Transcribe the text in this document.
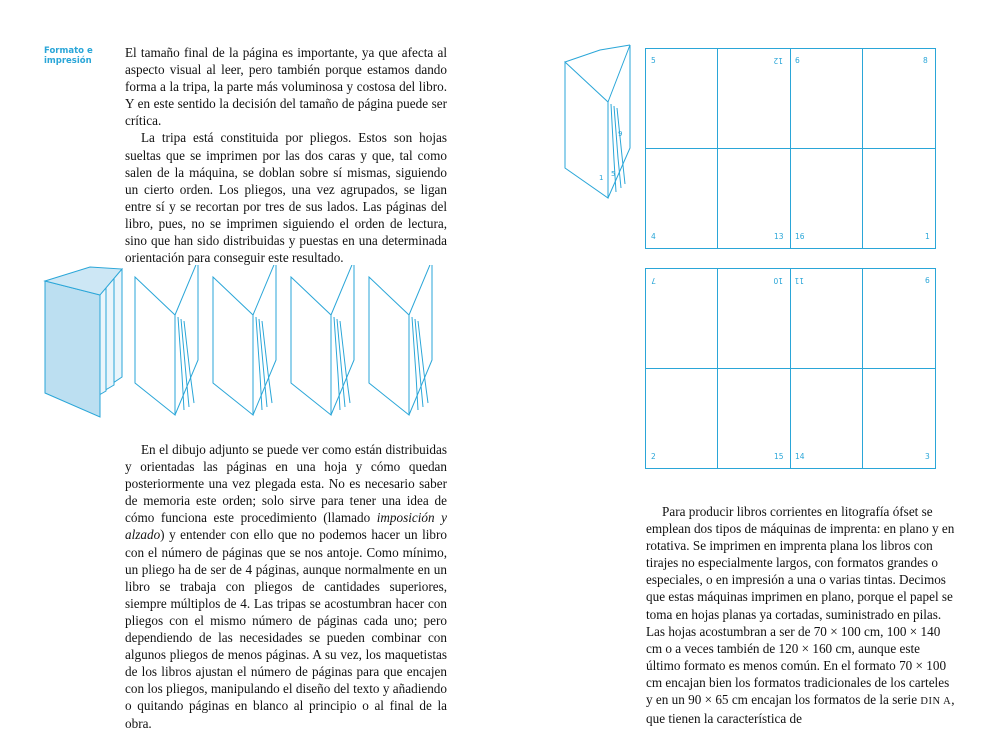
Formato e impresión

El tamaño final de la página es importante, ya que afecta al aspecto visual al leer, pero también porque estamos dando forma a la tripa, la parte más voluminosa y costosa del libro. Y en este sentido la decisión del tamaño de página puede ser crítica.

La tripa está constituida por pliegos. Estos son hojas sueltas que se imprimen por las dos caras y que, tal como salen de la máquina, se doblan sobre sí mismas, siguiendo un cierto orden. Los pliegos, una vez agrupados, se ligan entre sí y se recortan por tres de sus lados. Las páginas del libro, pues, no se imprimen siguiendo el orden de lectura, sino que han sido distribuidas y puestas en una determinada orientación para conseguir este resultado.

En el dibujo adjunto se puede ver como están distribuidas y orientadas las páginas en una hoja y cómo quedan posteriormente una vez plegada esta. No es necesario saber de memoria este orden; solo sirve para tener una idea de cómo funciona este procedimiento (llamado imposición y alzado) y entender con ello que no podemos hacer un libro con el número de páginas que se nos antoje. Como mínimo, un pliego ha de ser de 4 páginas, aunque normalmente en un libro se trabaja con pliegos de cantidades superiores, siempre múltiplos de 4. Las tripas se acostumbran hacer con pliegos con el mismo número de páginas cada uno; pero dependiendo de las necesidades se pueden combinar con algunos pliegos de menos páginas. A su vez, los maquetistas de los libros ajustan el número de páginas para que encajen con los pliegos, manipulando el diseño del texto y añadiendo o quitando páginas en blanco al principio o al final de la obra.

1 5
9
5	12 6	8
4	13 16	1
7	10 11	6
2	15 14	3

Para producir libros corrientes en litografía ófset se emplean dos tipos de máquinas de imprenta: en plano y en rotativa. Se imprimen en imprenta plana los libros con tirajes no especialmente largos, con formatos grandes o especiales, o en impresión a una o varias tintas. Decimos que estas máquinas imprimen en plano, porque el papel se toma en hojas planas ya cortadas, suministrado en pilas. Las hojas acostumbran a ser de 70 × 100 cm, 100 × 140 cm o a veces también de 120 × 160 cm, aunque este último formato es menos común. En el formato 70 × 100 cm encajan bien los formatos tradicionales de los carteles y en un 90 × 65 cm encajan los formatos de la serie DIN A, que tienen la característica de
